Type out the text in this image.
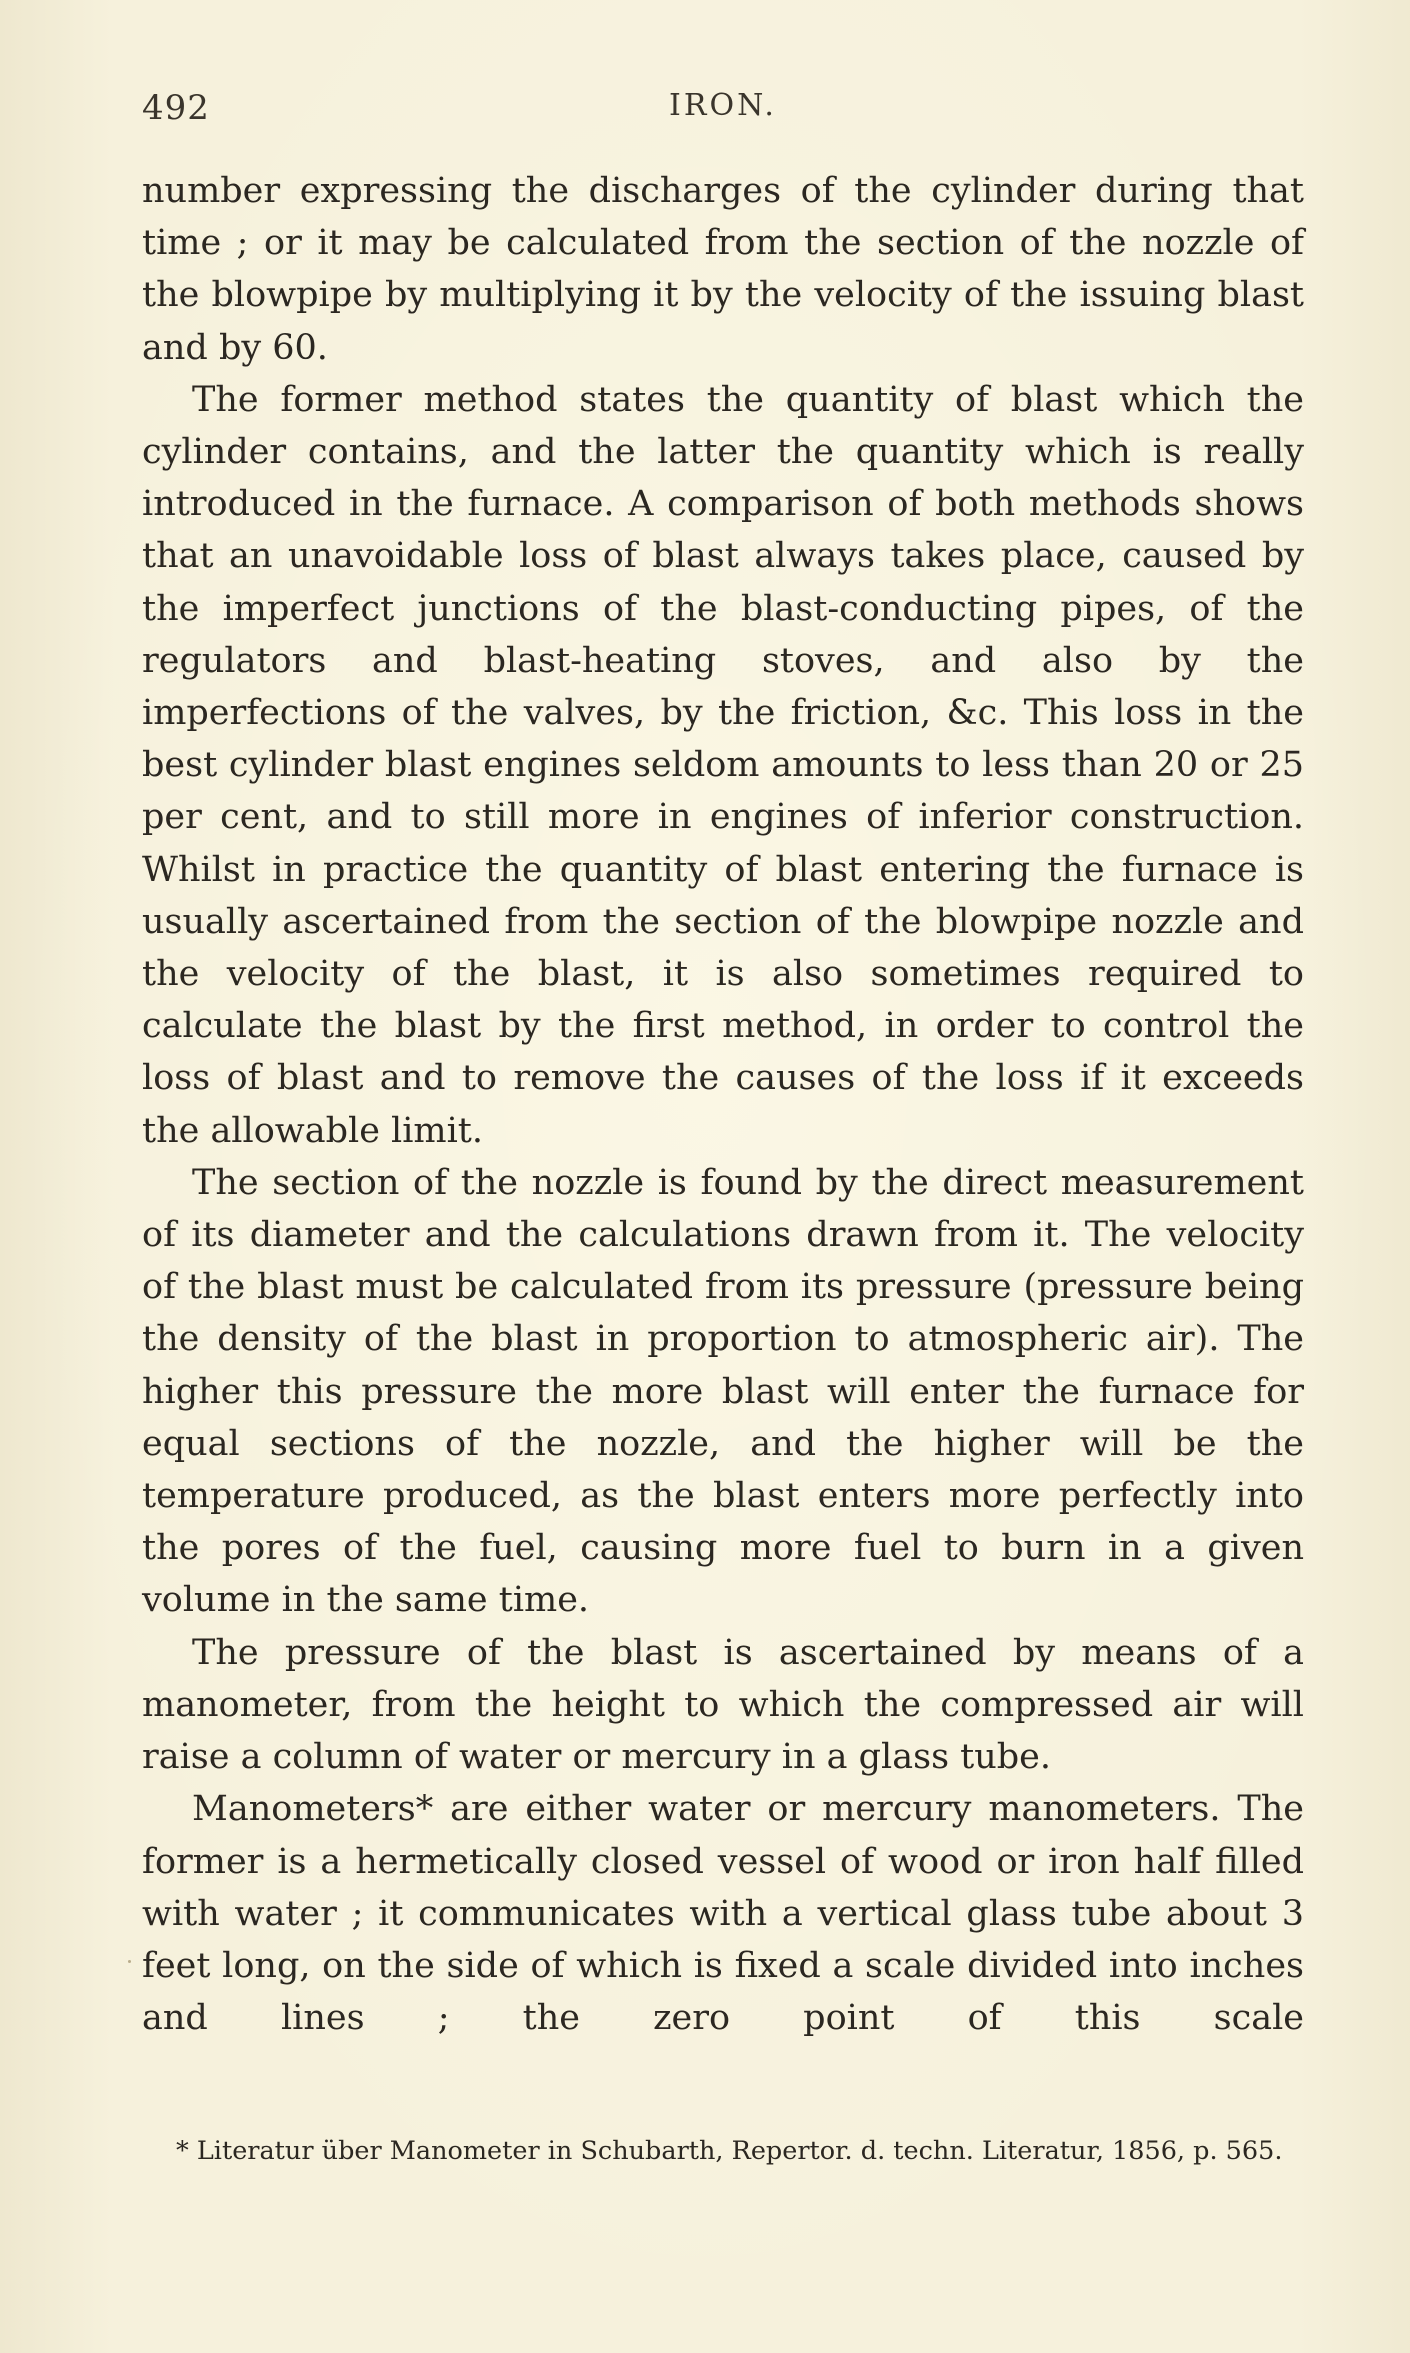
492	IRON.

number expressing the discharges of the cylinder during that time ; or it may be calculated from the section of the nozzle of the blowpipe by multiplying it by the velocity of the issuing blast and by 60.

The former method states the quantity of blast which the cylinder contains, and the latter the quantity which is really introduced in the furnace. A comparison of both methods shows that an unavoidable loss of blast always takes place, caused by the imperfect junctions of the blast-conducting pipes, of the regulators and blast-heating stoves, and also by the imperfections of the valves, by the friction, &c. This loss in the best cylinder blast engines seldom amounts to less than 20 or 25 per cent, and to still more in engines of inferior construction. Whilst in practice the quantity of blast entering the furnace is usually ascertained from the section of the blowpipe nozzle and the velocity of the blast, it is also sometimes required to calculate the blast by the first method, in order to control the loss of blast and to remove the causes of the loss if it exceeds the allowable limit.

The section of the nozzle is found by the direct measurement of its diameter and the calculations drawn from it. The velocity of the blast must be calculated from its pressure (pressure being the density of the blast in proportion to atmospheric air). The higher this pressure the more blast will enter the furnace for equal sections of the nozzle, and the higher will be the temperature produced, as the blast enters more perfectly into the pores of the fuel, causing more fuel to burn in a given volume in the same time.

The pressure of the blast is ascertained by means of a manometer, from the height to which the compressed air will raise a column of water or mercury in a glass tube.

Manometers* are either water or mercury manometers. The former is a hermetically closed vessel of wood or iron half filled with water ; it communicates with a vertical glass tube about 3 feet long, on the side of which is fixed a scale divided into inches and lines ; the zero point of this scale

* Literatur über Manometer in Schubarth, Repertor. d. techn. Literatur, 1856, p. 565.
